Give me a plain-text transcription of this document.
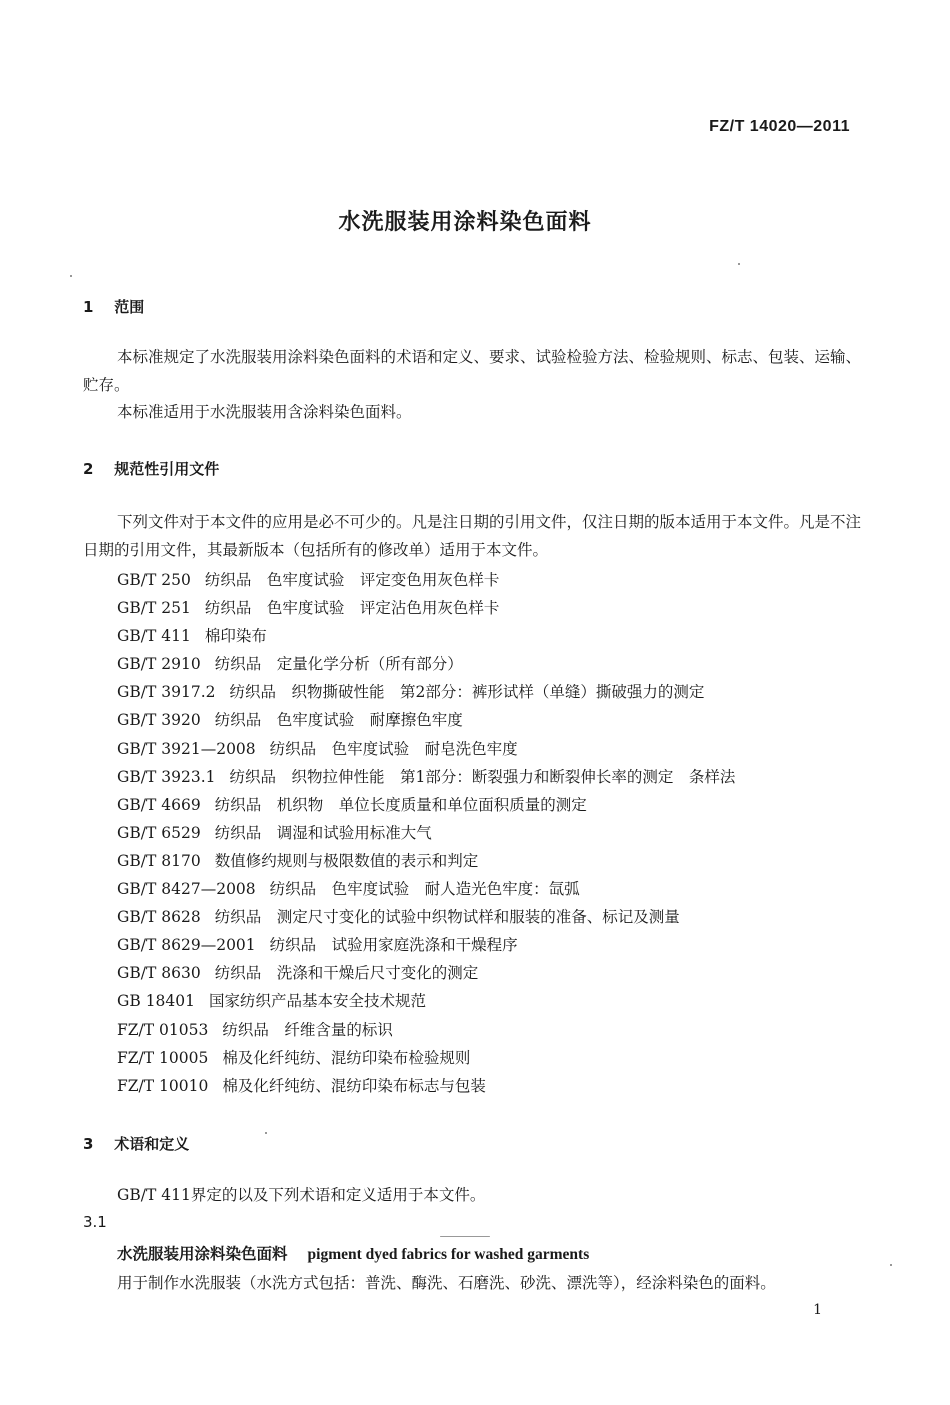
FZ/T 14020—2011
水洗服装用涂料染色面料
1 范围
本标准规定了水洗服装用涂料染色面料的术语和定义、要求、试验检验方法、检验规则、标志、包装、运输、贮存。
本标准适用于水洗服装用含涂料染色面料。
2 规范性引用文件
下列文件对于本文件的应用是必不可少的。凡是注日期的引用文件，仅注日期的版本适用于本文件。凡是不注日期的引用文件，其最新版本（包括所有的修改单）适用于本文件。
GB/T 250 纺织品　色牢度试验　评定变色用灰色样卡
GB/T 251 纺织品　色牢度试验　评定沾色用灰色样卡
GB/T 411 棉印染布
GB/T 2910 纺织品　定量化学分析（所有部分）
GB/T 3917.2 纺织品　织物撕破性能　第2部分：裤形试样（单缝）撕破强力的测定
GB/T 3920 纺织品　色牢度试验　耐摩擦色牢度
GB/T 3921—2008 纺织品　色牢度试验　耐皂洗色牢度
GB/T 3923.1 纺织品　织物拉伸性能　第1部分：断裂强力和断裂伸长率的测定　条样法
GB/T 4669 纺织品　机织物　单位长度质量和单位面积质量的测定
GB/T 6529 纺织品　调湿和试验用标准大气
GB/T 8170 数值修约规则与极限数值的表示和判定
GB/T 8427—2008 纺织品　色牢度试验　耐人造光色牢度：氙弧
GB/T 8628 纺织品　测定尺寸变化的试验中织物试样和服装的准备、标记及测量
GB/T 8629—2001 纺织品　试验用家庭洗涤和干燥程序
GB/T 8630 纺织品　洗涤和干燥后尺寸变化的测定
GB 18401 国家纺织产品基本安全技术规范
FZ/T 01053 纺织品　纤维含量的标识
FZ/T 10005 棉及化纤纯纺、混纺印染布检验规则
FZ/T 10010 棉及化纤纯纺、混纺印染布标志与包装
3 术语和定义
GB/T 411界定的以及下列术语和定义适用于本文件。
3.1
水洗服装用涂料染色面料 pigment dyed fabrics for washed garments
用于制作水洗服装（水洗方式包括：普洗、酶洗、石磨洗、砂洗、漂洗等），经涂料染色的面料。
1
